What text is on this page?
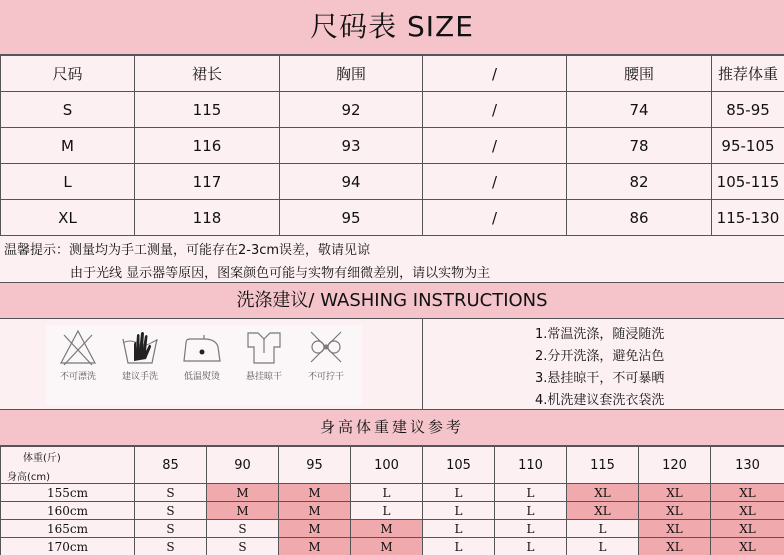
尺码表 SIZE
尺码	裙长	胸围	/	腰围	推荐体重
S	115	92	/	74	85-95
M	116	93	/	78	95-105
L	117	94	/	82	105-115
XL	118	95	/	86	115-130
温馨提示：测量均为手工测量，可能存在2-3cm误差，敬请见谅
由于光线 显示器等原因，图案颜色可能与实物有细微差别，请以实物为主
洗涤建议/ WASHING INSTRUCTIONS
不可漂洗	建议手洗	低温熨烫	悬挂晾干	不可拧干
1.常温洗涤，随浸随洗
2.分开洗涤，避免沾色
3.悬挂晾干，不可暴晒
4.机洗建议套洗衣袋洗
身高体重建议参考
体重(斤)
身高(cm)	85	90	95	100	105	110	115	120	130
155cm	S	M	M	L	L	L	XL	XL	XL
160cm	S	M	M	L	L	L	XL	XL	XL
165cm	S	S	M	M	L	L	L	XL	XL
170cm	S	S	M	M	L	L	L	XL	XL
